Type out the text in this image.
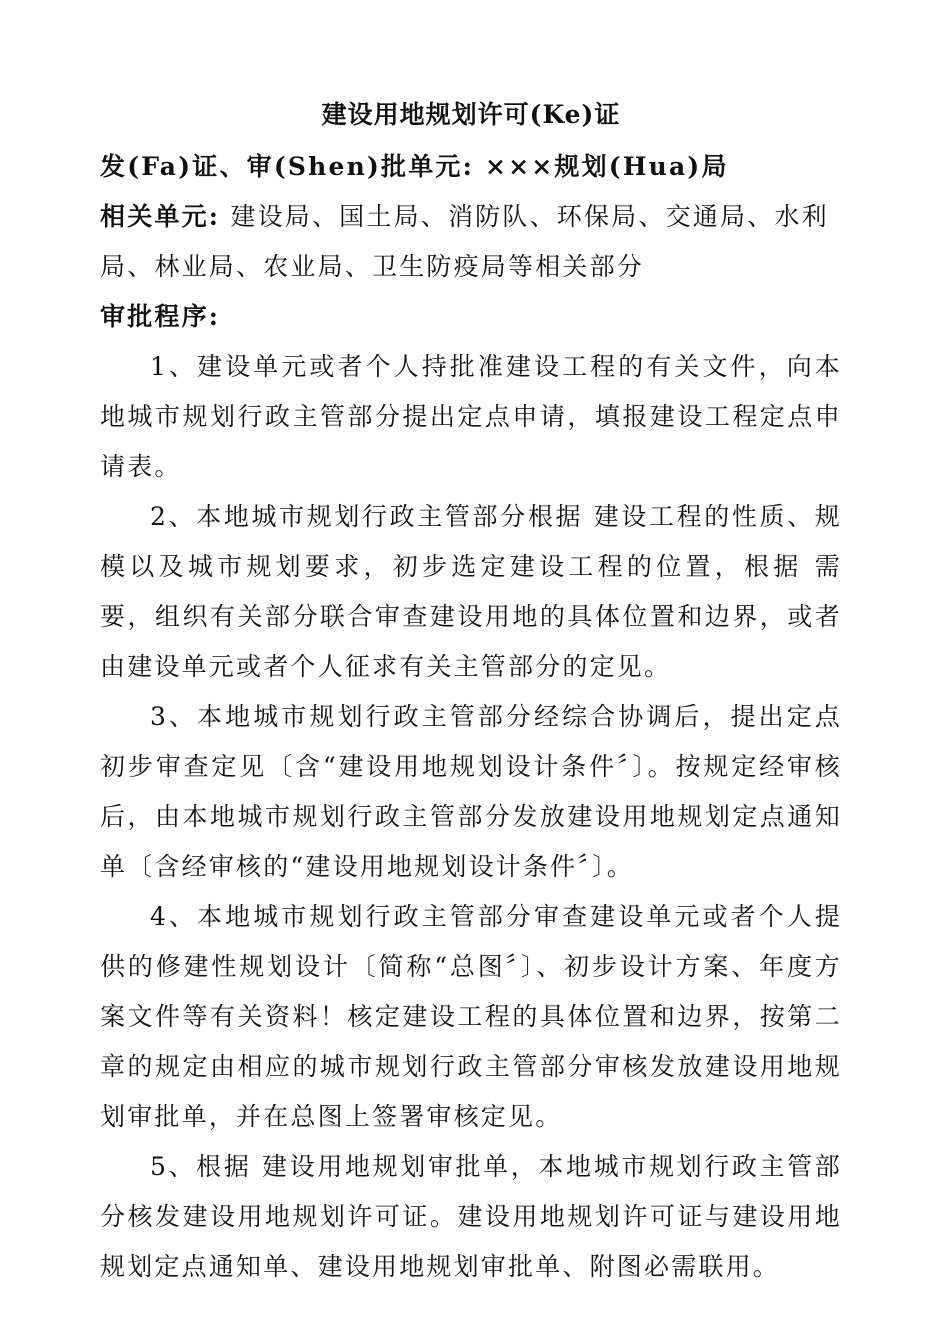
建设用地规划许可(Ke)证

发(Fa)证、审(Shen)批单元: ×××规划(Hua)局

相关单元: 建设局、国土局、消防队、环保局、交通局、水利局、林业局、农业局、卫生防疫局等相关部分

审批程序:

1、建设单元或者个人持批准建设工程的有关文件，向本地城市规划行政主管部分提出定点申请，填报建设工程定点申请表。

2、本地城市规划行政主管部分根据 建设工程的性质、规模以及城市规划要求，初步选定建设工程的位置，根据 需要，组织有关部分联合审查建设用地的具体位置和边界，或者由建设单元或者个人征求有关主管部分的定见。

3、本地城市规划行政主管部分经综合协调后，提出定点初步审查定见〔含“建设用地规划设计条件〞〕。按规定经审核后，由本地城市规划行政主管部分发放建设用地规划定点通知单〔含经审核的“建设用地规划设计条件〞〕。

4、本地城市规划行政主管部分审查建设单元或者个人提供的修建性规划设计〔简称“总图〞〕、初步设计方案、年度方案文件等有关资料！核定建设工程的具体位置和边界，按第二章的规定由相应的城市规划行政主管部分审核发放建设用地规划审批单，并在总图上签署审核定见。

5、根据 建设用地规划审批单，本地城市规划行政主管部分核发建设用地规划许可证。建设用地规划许可证与建设用地规划定点通知单、建设用地规划审批单、附图必需联用。
